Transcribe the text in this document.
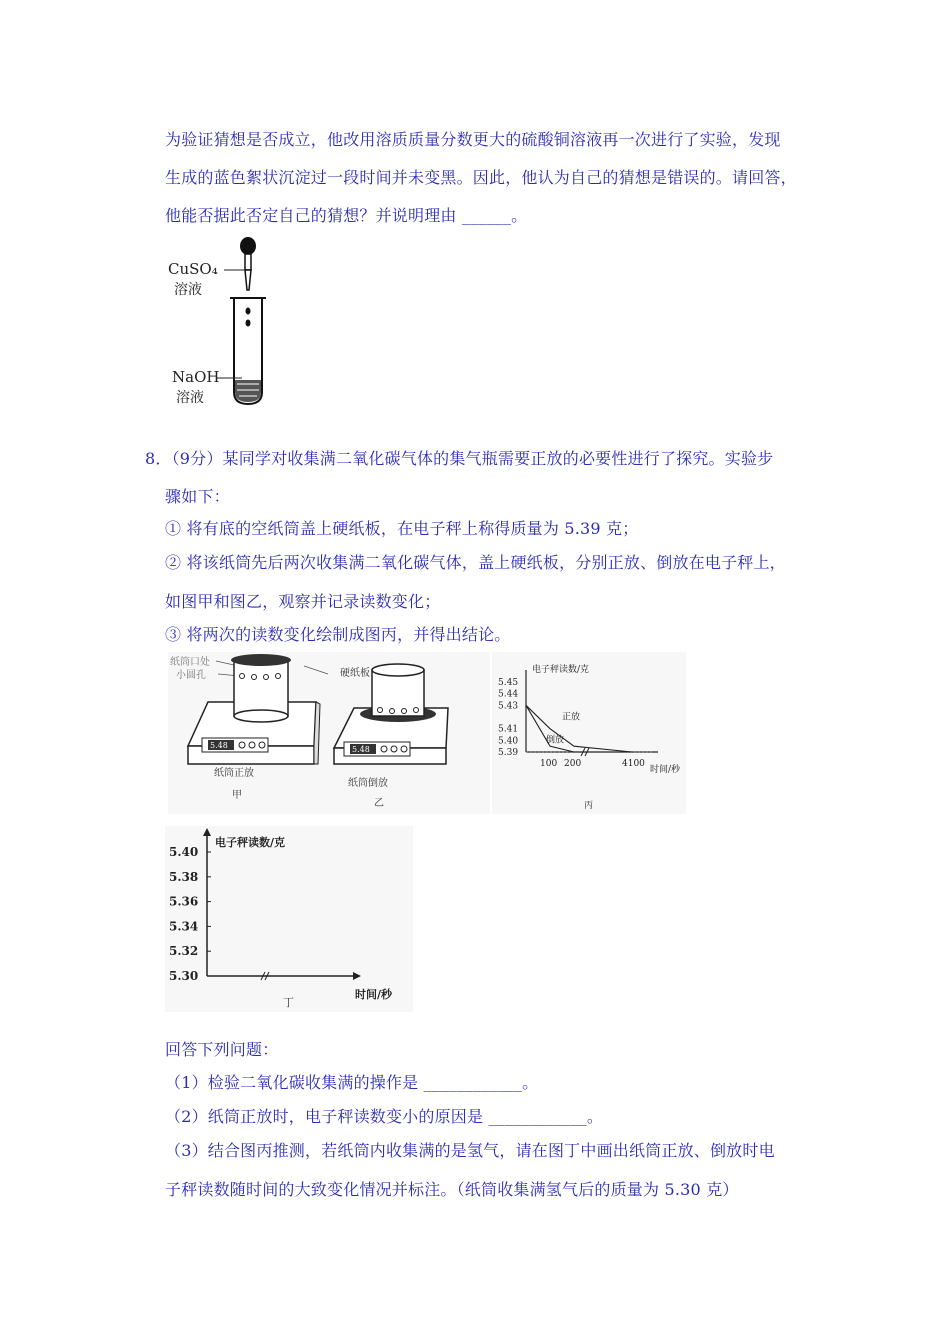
为验证猜想是否成立，他改用溶质质量分数更大的硫酸铜溶液再一次进行了实验，发现
生成的蓝色絮状沉淀过一段时间并未变黑。因此，他认为自己的猜想是错误的。请回答，
他能否据此否定自己的猜想？并说明理由 ______。
CuSO₄
溶液
NaOH
溶液
8．（9分）某同学对收集满二氧化碳气体的集气瓶需要正放的必要性进行了探究。实验步
骤如下：
① 将有底的空纸筒盖上硬纸板，在电子秤上称得质量为 5.39 克；
② 将该纸筒先后两次收集满二氧化碳气体，盖上硬纸板，分别正放、倒放在电子秤上，
如图甲和图乙，观察并记录读数变化；
③ 将两次的读数变化绘制成图丙，并得出结论。
纸筒口处
小圆孔
5.48
纸筒正放
甲
5.48
硬纸板
纸筒倒放
乙
电子秤读数/克
时间/秒
5.45
5.44
5.43
5.41
5.40
5.39
100 200	4100
正放
倒放
丙
电子秤读数/克
时间/秒
5.40
5.38
5.36
5.34
5.32
5.30
丁
回答下列问题：
（1）检验二氧化碳收集满的操作是 ____________。
（2）纸筒正放时，电子秤读数变小的原因是 ____________。
（3）结合图丙推测，若纸筒内收集满的是氢气，请在图丁中画出纸筒正放、倒放时电
子秤读数随时间的大致变化情况并标注。（纸筒收集满氢气后的质量为 5.30 克）
